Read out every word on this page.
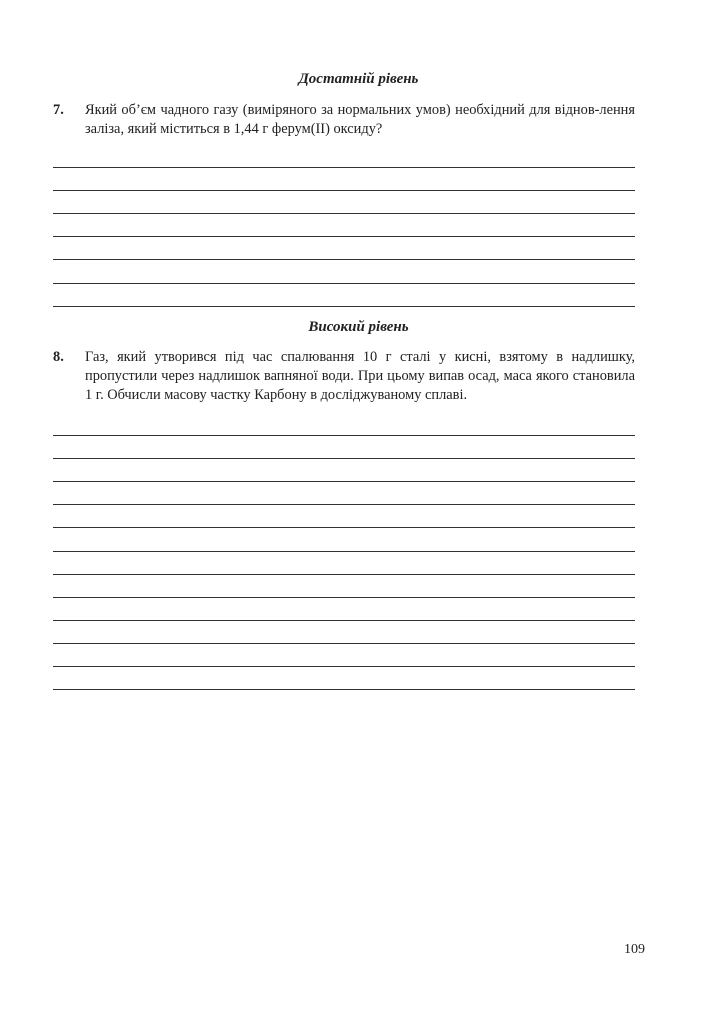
Достатній рівень
7. Який об’єм чадного газу (виміряного за нормальних умов) необхідний для віднов-лення заліза, який міститься в 1,44 г ферум(ІІ) оксиду?
Високий рівень
8. Газ, який утворився під час спалювання 10 г сталі у кисні, взятому в надлишку, пропустили через надлишок вапняної води. При цьому випав осад, маса якого становила 1 г. Обчисли масову частку Карбону в досліджуваному сплаві.
109
